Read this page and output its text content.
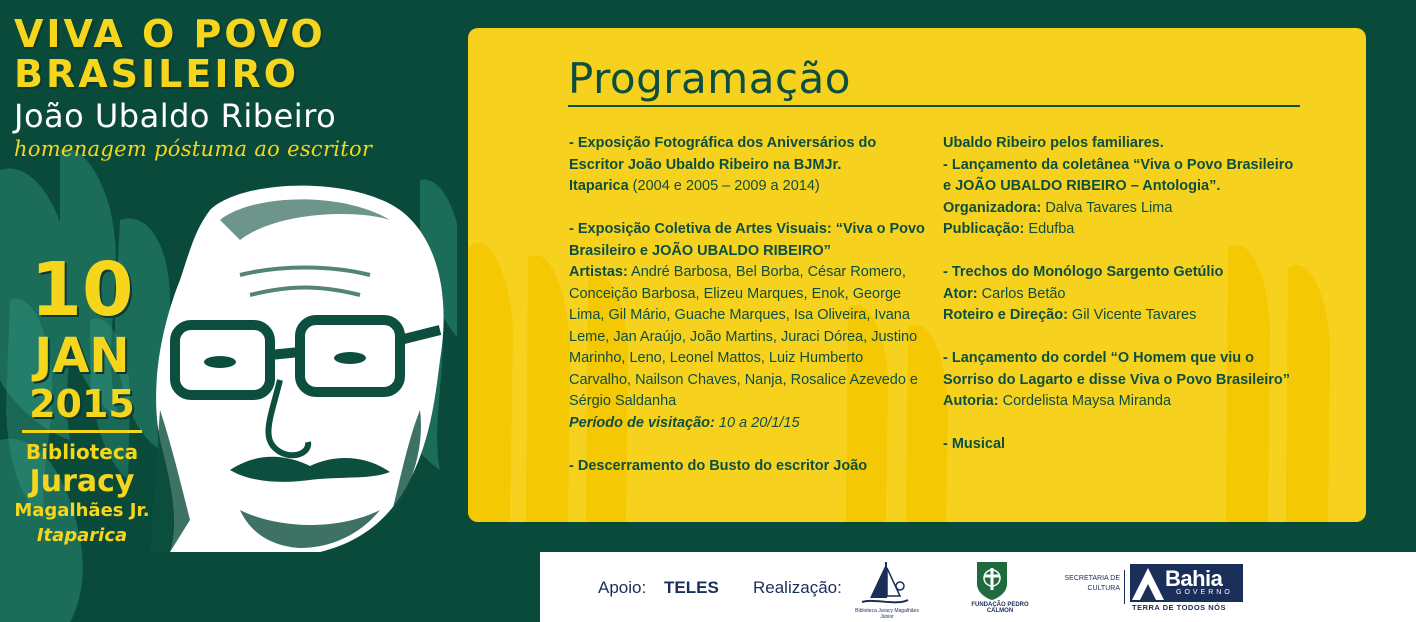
VIVA O POVO
BRASILEIRO
João Ubaldo Ribeiro
homenagem póstuma ao escritor
10
JAN
2015
Biblioteca
Juracy
Magalhães Jr.
Itaparica
Programação

- Exposição Fotográfica dos Aniversários do Escritor João Ubaldo Ribeiro na BJMJr.

Itaparica (2004 e 2005 – 2009 a 2014)

- Exposição Coletiva de Artes Visuais: “Viva o Povo Brasileiro e JOÃO UBALDO RIBEIRO”

Artistas: André Barbosa, Bel Borba, César Romero, Conceição Barbosa, Elizeu Marques, Enok, George Lima, Gil Mário, Guache Marques, Isa Oliveira, Ivana Leme, Jan Araújo, João Martins, Juraci Dórea, Justino Marinho, Leno, Leonel Mattos, Luiz Humberto Carvalho, Nailson Chaves, Nanja, Rosalice Azevedo e Sérgio Saldanha

Período de visitação: 10 a 20/1/15

- Descerramento do Busto do escritor João

Ubaldo Ribeiro pelos familiares.

- Lançamento da coletânea “Viva o Povo Brasileiro e JOÃO UBALDO RIBEIRO – Antologia”.

Organizadora: Dalva Tavares Lima

Publicação: Edufba

- Trechos do Monólogo Sargento Getúlio

Ator: Carlos Betão

Roteiro e Direção: Gil Vicente Tavares

- Lançamento do cordel “O Homem que viu o Sorriso do Lagarto e disse Viva o Povo Brasileiro”

Autoria: Cordelista Maysa Miranda

- Musical

Apoio: TELES Realização:
Biblioteca Juracy Magalhães Júnior
FUNDAÇÃO PEDRO CALMON
SECRETARIA DE CULTURA Bahia
GOVERNO
TERRA DE TODOS NÓS
